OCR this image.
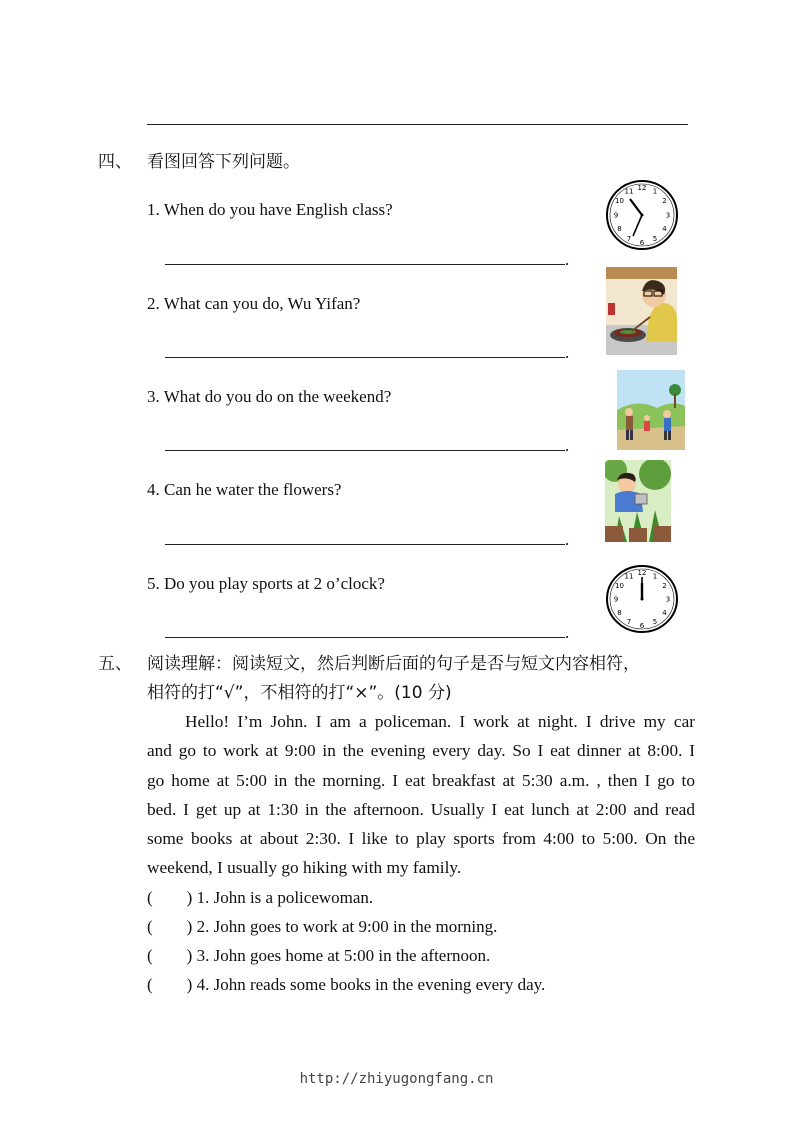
四、 看图回答下列问题。
1. When do you have English class?
.
2. What can you do, Wu Yifan?
.
3. What do you do on the weekend?
.
4. Can he water the flowers?
.
5. Do you play sports at 2 o’clock?
.
12 1
2
3
4
5
6
7
8
9
10
11
12 1
2
3
4
5
6
7
8
9
10
11
五、 阅读理解：阅读短文，然后判断后面的句子是否与短文内容相符，
相符的打“√”，不相符的打“×”。(10 分)
Hello! I’m John. I am a policeman. I work at night. I drive my car
and go to work at 9:00 in the evening every day. So I eat dinner at 8:00. I
go home at 5:00 in the morning. I eat breakfast at 5:30 a.m. , then I go to
bed. I get up at 1:30 in the afternoon. Usually I eat lunch at 2:00 and read
some books at about 2:30. I like to play sports from 4:00 to 5:00. On the
weekend, I usually go hiking with my family.
(        ) 1. John is a policewoman.
(        ) 2. John goes to work at 9:00 in the morning.
(        ) 3. John goes home at 5:00 in the afternoon.
(        ) 4. John reads some books in the evening every day.
http://zhiyugongfang.cn
